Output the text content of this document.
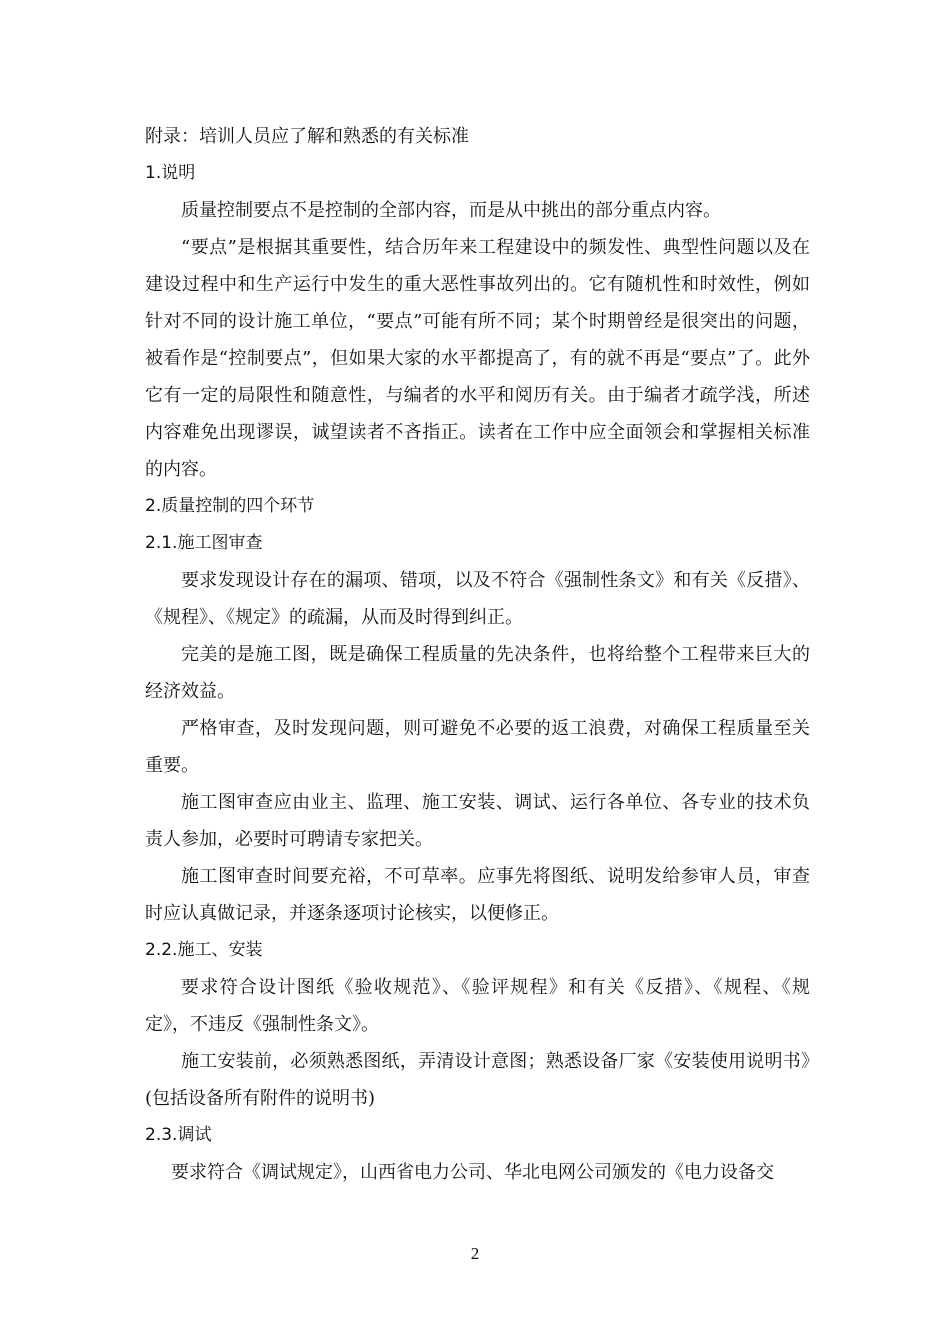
附录：培训人员应了解和熟悉的有关标准

1.说明

质量控制要点不是控制的全部内容，而是从中挑出的部分重点内容。

“要点”是根据其重要性，结合历年来工程建设中的频发性、典型性问题以及在建设过程中和生产运行中发生的重大恶性事故列出的。它有随机性和时效性，例如针对不同的设计施工单位，“要点”可能有所不同；某个时期曾经是很突出的问题，被看作是“控制要点”，但如果大家的水平都提高了，有的就不再是“要点”了。此外它有一定的局限性和随意性，与编者的水平和阅历有关。由于编者才疏学浅，所述内容难免出现谬误，诚望读者不吝指正。读者在工作中应全面领会和掌握相关标准的内容。

2.质量控制的四个环节

2.1.施工图审查

要求发现设计存在的漏项、错项，以及不符合《强制性条文》和有关《反措》、《规程》、《规定》的疏漏，从而及时得到纠正。

完美的是施工图，既是确保工程质量的先决条件，也将给整个工程带来巨大的经济效益。

严格审查，及时发现问题，则可避免不必要的返工浪费，对确保工程质量至关重要。

施工图审查应由业主、监理、施工安装、调试、运行各单位、各专业的技术负责人参加，必要时可聘请专家把关。

施工图审查时间要充裕，不可草率。应事先将图纸、说明发给参审人员，审查时应认真做记录，并逐条逐项讨论核实，以便修正。

2.2.施工、安装

要求符合设计图纸《验收规范》、《验评规程》和有关《反措》、《规程、《规定》，不违反《强制性条文》。

施工安装前，必须熟悉图纸，弄清设计意图；熟悉设备厂家《安装使用说明书》(包括设备所有附件的说明书)

2.3.调试

要求符合《调试规定》，山西省电力公司、华北电网公司颁发的《电力设备交

2
